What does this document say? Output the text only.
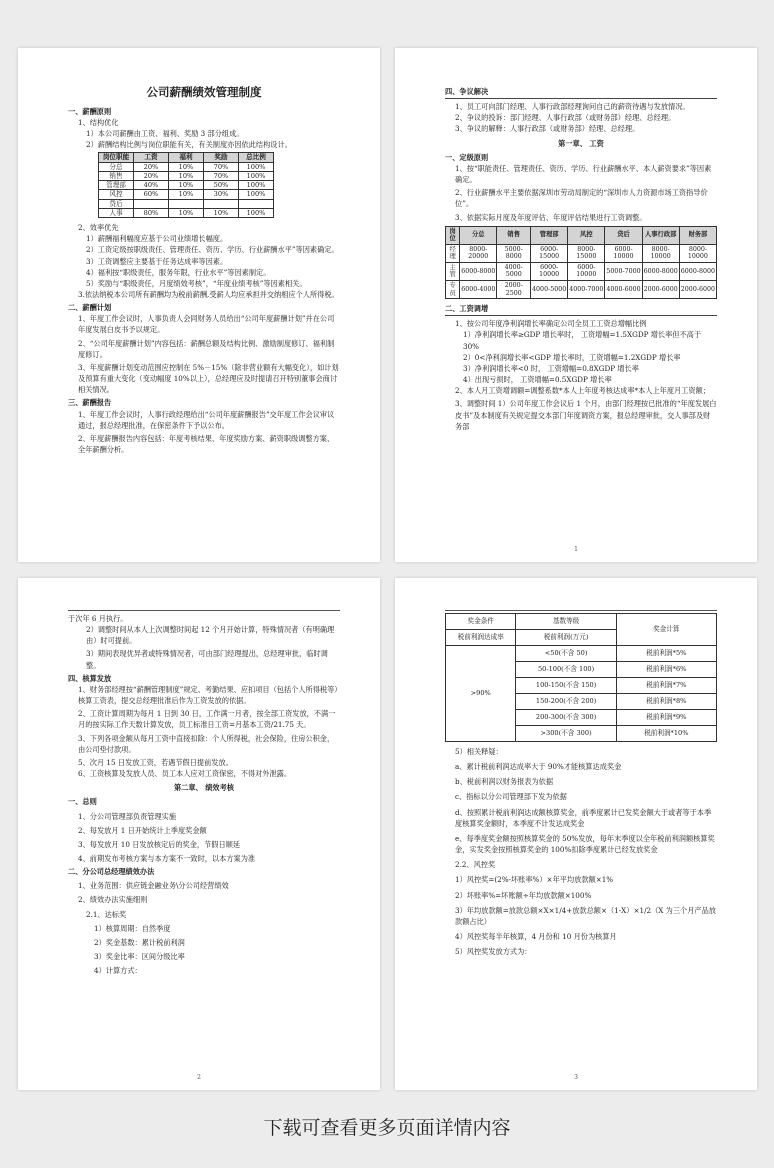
公司薪酬绩效管理制度
一、薪酬原则
1、结构优化
1）本公司薪酬由工资、福利、奖励 3 部分组成。
2）薪酬结构比例与岗位职能有关，有关制度亦因依此结构设计。
岗位职能	工资	福利	奖励	总比例
分总	20%	10%	70%	100%
销售	20%	10%	70%	100%
管理部	40%	10%	50%	100%
风控	60%	10%	30%	100%
贷后				
人事	80%	10%	10%	100%
2、效率优先
1）薪酬福利幅度应基于公司业绩增长幅度。
2）工资定级按职级责任、管理责任、资历、学历、行业薪酬水平”等因素确定。
3）工资调整应主要基于任务达成率等因素。
4）福利按“职级责任，服务年限，行业水平”等因素制定。
5）奖励与“职级责任，月度绩效考核”，“年度业绩考核”等因素相关。
3.依法纳税本公司所有薪酬均为税前薪酬,受薪人均应承担并交纳相应个人所得税。
二、薪酬计划
1、年度工作会议时，人事负责人会同财务人员给出“公司年度薪酬计划”并在公司年度发展白皮书予以规定。
2、“公司年度薪酬计划”内容包括：薪酬总额及结构比例、激励制度修订、福利制度修订。
3、年度薪酬计划变动范围应控制在 5%－15%（除非营业额有大幅变化），如计划及预算有重大变化（变动幅度 10%以上），总经理应及时提请召开特别董事会商讨相关情况。
三、薪酬报告
1、年度工作会议时，人事行政经理给出“公司年度薪酬报告”交年度工作会议审议通过，报总经理批准，在保密条件下予以公布。
2、年度薪酬报告内容包括：年度考核结果、年度奖励方案、薪资职级调整方案、全年薪酬分析。
四、争议解决
1、员工可向部门经理、人事行政部经理询问自己的薪资待遇与发放情况。
2、争议的投诉：部门经理、人事行政部（或财务部）经理、总经理。
3、争议的解释：人事行政部（或财务部）经理、总经理。
第一章、 工资
一、定级原则
1、按“职能责任、管理责任、资历、学历、行业薪酬水平、本人薪资要求”等因素确定。
2、行业薪酬水平主要依据深圳市劳动局制定的“深圳市人力资源市场工资指导价位”。
3、依据实际月度及年度评估、年度评估结果进行工资调整。
岗位	分总	销售	管理部	风控	贷后	人事行政部	财务部
经理	8000-20000	5000-8000	6000-15000	8000-15000	6000-10000	8000-10000	8000-10000
主管	6000-8000	4000-5000	6000-10000	6000-10000	5000-7000	6000-8000	6000-8000
专员	6000-4000	2000-2500	4000-5000	4000-7000	4000-6000	2000-6000	2000-6000
二、工资调增
1、按公司年度净利润增长率确定公司全员工工资总增幅比例
1）净利润增长率≥GDP 增长率时， 工资增幅=1.5XGDP 增长率但不高于 30%
2）0<净利润增长率<GDP 增长率时，工资增幅=1.2XGDP 增长率
3）净利润增长率<0 时， 工资增幅=0.8XGDP 增长率
4）出现亏损时， 工资增幅=0.5XGDP 增长率
2、本人月工资增调额=调整系数*本人上年度考核达成率*本人上年度月工资额；
3、调整时间 1）公司年度工作会议后 1 个月，由部门经理按已批准的“年度发展白皮书”及本制度有关规定提交本部门年度调资方案，报总经理审批，交人事部及财务部
1
于次年 6 月执行。
2）调整时间从本人上次调整时间起 12 个月开始计算，特殊情况者（有明确理由）时可提前。
3）期间表现优异者或特殊情况者，可由部门经理提出，总经理审批，临时调整。
四、核算发放
1、财务部经理按“薪酬管理制度”规定、考勤结果、应扣项目（包括个人所得税等）核算工资表，提交总经理批准后作为工资发放的依据。
2、工资计算周期为每月 1 日到 30 日，工作满一月者，按全部工资发放，不满一月的按实际工作天数计算发放，员工标准日工资=月基本工资/21.75 天。
3、下列各项金额从每月工资中直接扣除：个人所得税，社会保险，住房公积金，由公司垫付款项。
5、次月 15 日发放工资，若遇节假日提前发放。
6、工资核算及发放人员、员工本人应对工资保密，不得对外泄露。
第二章、 绩效考核
一、总则
1、分公司管理部负责管理实施
2、每发放月 1 日开始统计上季度奖金额
3、每发放月 10 日发放核定后的奖金，节假日顺延
4、前期发布考核方案与本方案不一致时，以本方案为准
二、分公司总经理绩效办法
1、业务范围：供应链金融业务\分公司经营绩效
2、绩效办法实施细则
2.1、达标奖
1）核算周期：自然季度
2）奖金基数：累计税前利润
3）奖金比率：区间分级比率
4）计算方式：
2
奖金条件	基数等级	奖金计算
税前利润达成率	税前利润(万元)	
>90%	<50(不含 50)	税前利润*5%
	50-100(不含 100)	税前利润*6%
	100-150(不含 150)	税前利润*7%
	150-200(不含 200)	税前利润*8%
	200-300(不含 300)	税前利润*9%
	>300(不含 300)	税前利润*10%
5）相关释疑：
a、累计税前利润达成率大于 90%才能核算达成奖金
b、税前利润以财务报表为依据
c、指标以分公司管理部下发为依据
d、按照累计税前利润达成额核算奖金，前季度累计已发奖金额大于或者等于本季度核算奖金额时，本季度不计发达成奖金
e、每季度奖金额按照核算奖金的 50%发放，每年末季度以全年税前利润额核算奖金，实发奖金按照核算奖金的 100%扣除季度累计已经发放奖金
2.2、风控奖
1）风控奖=(2%-坏账率%）×年平均放款额×1%
2）坏账率%=坏账额÷年均放款额×100%
3）年均放款额=放款总额×X×1/4+放款总额×（1-X）×1/2（X 为三个月产品放款额占比）
4）风控奖每半年核算，4 月份和 10 月份为核算月
5）风控奖发放方式为：
3
下载可查看更多页面详情内容
